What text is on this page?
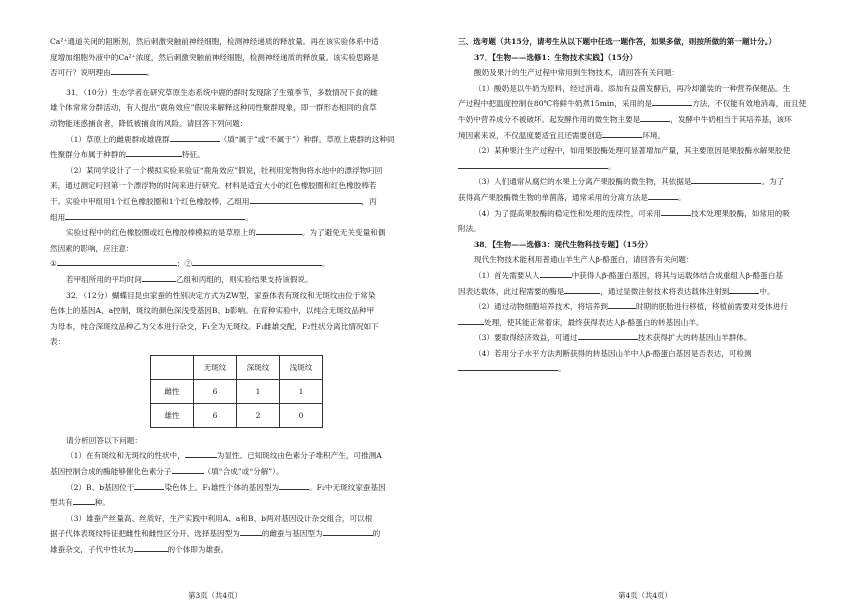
Ca²⁺通道关闭的阻断剂，然后刺激突触前神经细胞，检测神经递质的释放量。再在该实验体系中适

度增加细胞外液中的Ca²⁺浓度，然后刺激突触前神经细胞，检测神经递质的释放量。该实验思路是

否可行？说明理由	。

31．（10分）生态学者在研究草原生态系统中鹿的群时发现除了生殖季节，多数情况下食的雌

雄个体常常分群活动，有人提出“鹿角效应”假说来解释这种同性聚群现象，即一群形态相同的食草

动物能迷惑捕食者，降低被捕食的风险。请回答下列问题：

（1）草原上的雌鹿群或雄鹿群	（填“属于”或“不属于”）种群。草原上鹿群的这种同

性聚群分布属于种群的	特征。

（2）某同学设计了一个模拟实验来验证“鹿角效应”假说，牡利用宠物狗将水池中的漂浮物叼回

来，通过测定叼回第一个漂浮物的时间来进行研究。材料是适宜大小的红色橡胶圈和红色橡胶棒若

干。实验中甲组用1个红色橡胶圈和1个红色橡胶棒，乙组用	，丙

组用	。

实验过程中的红色橡胶圈或红色橡胶棒模拟的是草原上的	。为了避免无关变量和偶

然因素的影响，应注意：

①	；②	。

若甲组所用的平均时间	乙组和丙组的，则实验结果支持该假说。

32．（12分）蝴蝶目昆虫家蚕的性别决定方式为ZW型，家蚕体表有斑纹和无斑纹由位于常染

色体上的基因A、a控制，斑纹的颜色深浅受基因B、b影响。在育种实验中，以纯合无斑纹品种甲

为母本，纯合深斑纹品种乙为父本进行杂交，F₁全为无斑纹。F₁雌雄交配，F₂性状分离比情况如下

表：

	无斑纹	深斑纹	浅斑纹
雌性	6	1	1
雄性	6	2	0

请分析回答以下问题：

（1）在有斑纹和无斑纹的性状中，	为显性。已知斑纹由色素分子堆积产生，可推测A

基因控制合成的酶能够催化色素分子	（填“合成”或“分解”）。

（2）B、b基因位于	染色体上。F₁雄性个体的基因型为	。F₂中无斑纹家蚕基因

型共有	种。

（3）雄蚕产丝量高、丝质好，生产实践中利用A、a和B、b两对基因设计杂交组合，可以根

据子代体表斑纹特征把雌性和雌性区分开。选择基因型为	的雌蚕与基因型为	的

雄蚕杂交，子代中性状为	的个体即为雄蚕。

第3页（共4页）

三、选考题（共15分，请考生从以下题中任选一题作答，如果多做，则按所做的第一题计分。）

37．【生物——选修1：生物技术实践】（15分）

酸奶及果汁的生产过程中常用到生物技术，请回答有关问题：

（1）酸奶是以牛奶为原料，经过消毒、添加有益菌发酵后，再冷却灌装的一种营养保健品。生

产过程中把温度控制在80℃将鲜牛奶煮15min，采用的是	方法，不仅能有效地消毒，而且使

牛奶中营养成分不被破坏。起发酵作用的微生物主要是	，发酵中牛奶相当于其培养基，该环

境因素来说，不仅温度要适宜且还需要创造	环境。

（2）某种果汁生产过程中，如用果胶酶处理可显著增加产量，其主要原因是果胶酶水解果胶使

。

（3）人们通常从腐烂的水果上分离产果胶酶的微生物，其依据是	。为了

获得高产果胶酶微生物的单菌落，通常采用的分离方法是	。

（4）为了提高果胶酶的稳定性和处理的连续性，可采用	技术处理果胶酶，如常用的吸

附法。

38．【生物——选修3：现代生物科技专题】（15分）

现代生物技术能利用普通山羊生产人β-酪蛋白，请回答有关问题：

（1）首先需要从人	中获得人β-酪蛋白基因，将其与运载体结合成重组人β-酪蛋白基

因表达载体，此过程需要的酶是	，通过显微注射技术将表达载体注射到	中。

（2）通过动物细胞培养技术，将培养到	时期的胚胎进行移植，移植前需要对受体进行

处理，使其能正常着床，最终获得表达人β-酪蛋白的转基因山羊。

（3）要取得经济效益，可通过	技术获得扩大的转基因山羊群体。

（4）若用分子水平方法判断获得的转基因山羊中人β-酪蛋白基因是否表达，可检测

。

第4页（共4页）
